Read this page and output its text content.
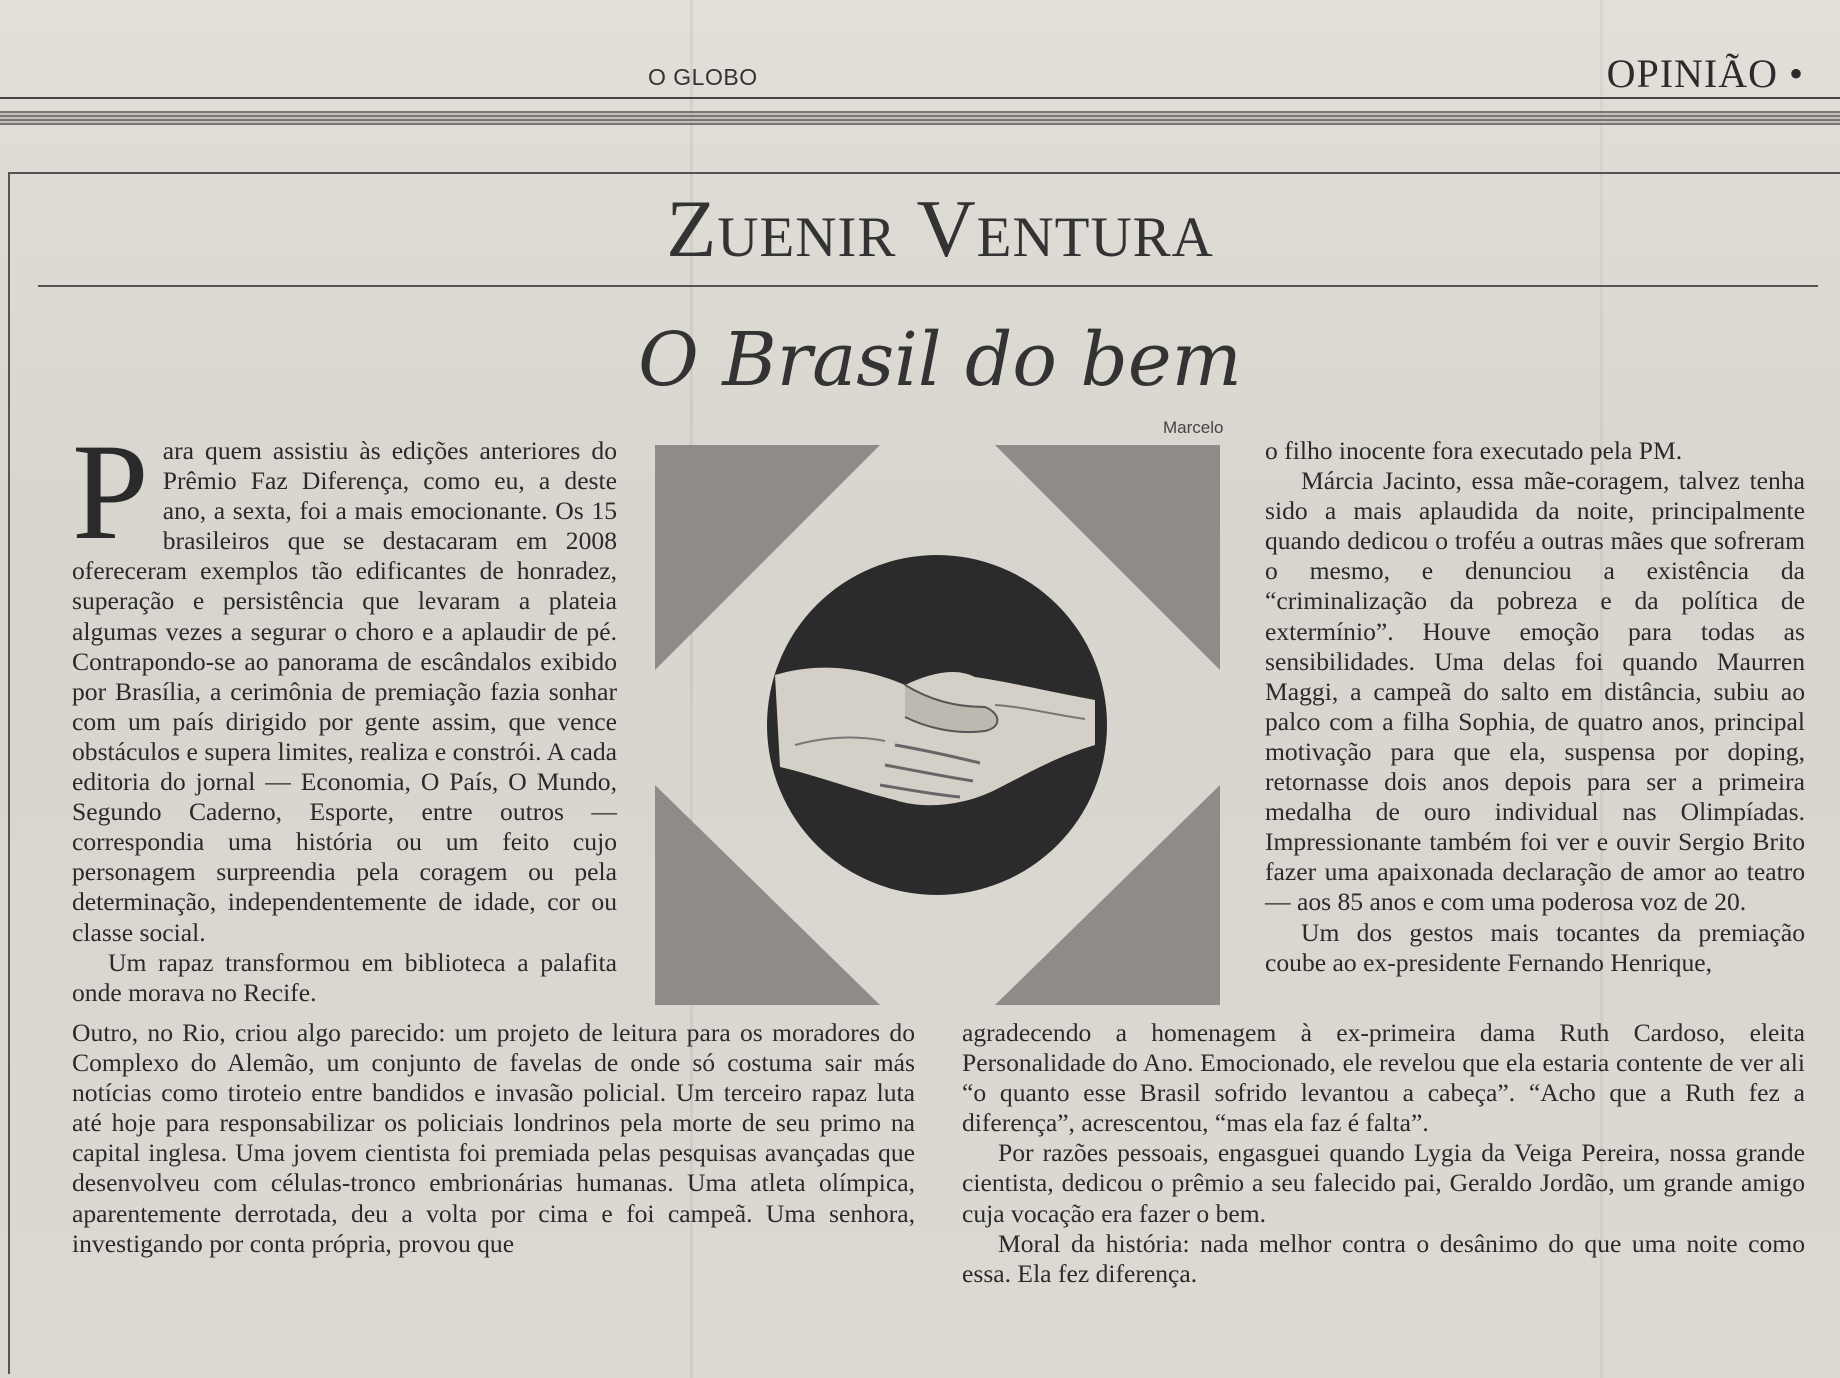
O GLOBO	OPINIÃO •
Zuenir Ventura
O Brasil do bem
Marcelo

Para quem assistiu às edições anteriores do Prêmio Faz Diferença, como eu, a deste ano, a sexta, foi a mais emocionante. Os 15 brasileiros que se destacaram em 2008 ofereceram exemplos tão edificantes de honradez, superação e persistência que levaram a plateia algumas vezes a segurar o choro e a aplaudir de pé. Contrapondo-se ao panorama de escândalos exibido por Brasília, a cerimônia de premiação fazia sonhar com um país dirigido por gente assim, que vence obstáculos e supera limites, realiza e constrói. A cada editoria do jornal — Economia, O País, O Mundo, Segundo Caderno, Esporte, entre outros — correspondia uma história ou um feito cujo personagem surpreendia pela coragem ou pela determinação, independentemente de idade, cor ou classe social.

Um rapaz transformou em biblioteca a palafita onde morava no Recife.

Outro, no Rio, criou algo parecido: um projeto de leitura para os moradores do Complexo do Alemão, um conjunto de favelas de onde só costuma sair más notícias como tiroteio entre bandidos e invasão policial. Um terceiro rapaz luta até hoje para responsabilizar os policiais londrinos pela morte de seu primo na capital inglesa. Uma jovem cientista foi premiada pelas pesquisas avançadas que desenvolveu com células-tronco embrionárias humanas. Uma atleta olímpica, aparentemente derrotada, deu a volta por cima e foi campeã. Uma senhora, investigando por conta própria, provou que

o filho inocente fora executado pela PM.

Márcia Jacinto, essa mãe-coragem, talvez tenha sido a mais aplaudida da noite, principalmente quando dedicou o troféu a outras mães que sofreram o mesmo, e denunciou a existência da “criminalização da pobreza e da política de extermínio”. Houve emoção para todas as sensibilidades. Uma delas foi quando Maurren Maggi, a campeã do salto em distância, subiu ao palco com a filha Sophia, de quatro anos, principal motivação para que ela, suspensa por doping, retornasse dois anos depois para ser a primeira medalha de ouro individual nas Olimpíadas. Impressionante também foi ver e ouvir Sergio Brito fazer uma apaixonada declaração de amor ao teatro — aos 85 anos e com uma poderosa voz de 20.

Um dos gestos mais tocantes da premiação coube ao ex-presidente Fernando Henrique,

agradecendo a homenagem à ex-primeira dama Ruth Cardoso, eleita Personalidade do Ano. Emocionado, ele revelou que ela estaria contente de ver ali “o quanto esse Brasil sofrido levantou a cabeça”. “Acho que a Ruth fez a diferença”, acrescentou, “mas ela faz é falta”.

Por razões pessoais, engasguei quando Lygia da Veiga Pereira, nossa grande cientista, dedicou o prêmio a seu falecido pai, Geraldo Jordão, um grande amigo cuja vocação era fazer o bem.

Moral da história: nada melhor contra o desânimo do que uma noite como essa. Ela fez diferença.
